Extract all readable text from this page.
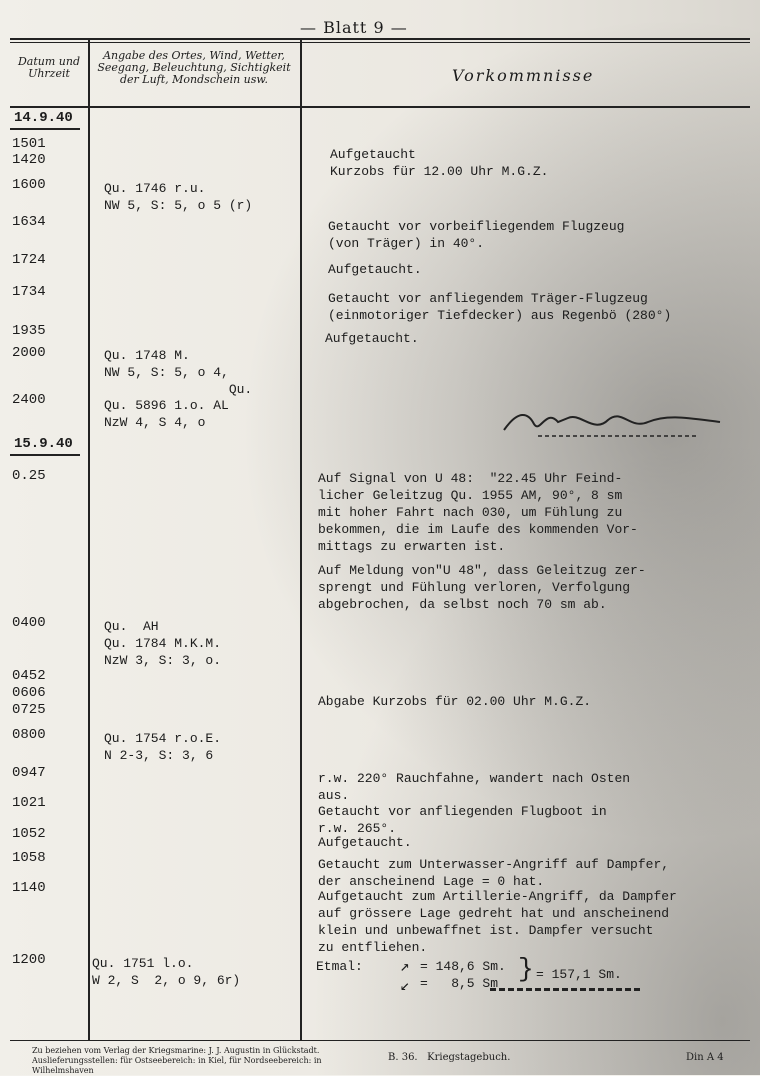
— Blatt 9 —
Datum und Uhrzeit
Angabe des Ortes, Wind, Wetter, Seegang, Beleuchtung, Sichtigkeit der Luft, Mondschein usw.	Vorkommnisse
14.9.40
15.9.40
1501
1420
1600
1634
1724
1734
1935
2000
2400
0.25
0400
0452
0606
0725
0800
0947
1021
1052
1058
1140
1200
Qu. 1746 r.u.
NW 5, S: 5, o 5 (r)
Qu. 1748 M.
NW 5, S: 5, o 4,
Qu.
Qu. 5896 1.o. AL
NzW 4, S 4, o
Qu.  AH
Qu. 1784 M.K.M.
NzW 3, S: 3, o.
Qu. 1754 r.o.E.
N 2-3, S: 3, 6
Qu. 1751 l.o.
W 2, S  2, o 9, 6r)
Aufgetaucht
Kurzobs für 12.00 Uhr M.G.Z.
Getaucht vor vorbeifliegendem Flugzeug
(von Träger) in 40°.
Aufgetaucht.
Getaucht vor anfliegendem Träger-Flugzeug
(einmotoriger Tiefdecker) aus Regenbö (280°)
Aufgetaucht.
Auf Signal von U 48:  "22.45 Uhr Feind-
licher Geleitzug Qu. 1955 AM, 90°, 8 sm
mit hoher Fahrt nach 030, um Fühlung zu
bekommen, die im Laufe des kommenden Vor-
mittags zu erwarten ist.
Auf Meldung von"U 48", dass Geleitzug zer-
sprengt und Fühlung verloren, Verfolgung
abgebrochen, da selbst noch 70 sm ab.
Abgabe Kurzobs für 02.00 Uhr M.G.Z.
r.w. 220° Rauchfahne, wandert nach Osten
aus.
Getaucht vor anfliegenden Flugboot in
r.w. 265°.
Aufgetaucht.
Getaucht zum Unterwasser-Angriff auf Dampfer,
der anscheinend Lage = 0 hat.
Aufgetaucht zum Artillerie-Angriff, da Dampfer
auf grössere Lage gedreht hat und anscheinend
klein und unbewaffnet ist. Dampfer versucht
zu entfliehen.
Etmal: ↗
↙
= 148,6 Sm.
=   8,5 Sm } = 157,1 Sm.
Zu beziehen vom Verlag der Kriegsmarine: J. J. Augustin in Glückstadt. Auslieferungsstellen: für Ostseebereich: in Kiel, für Nordseebereich: in Wilhelmshaven
B. 36.   Kriegstagebuch.	Din A 4
